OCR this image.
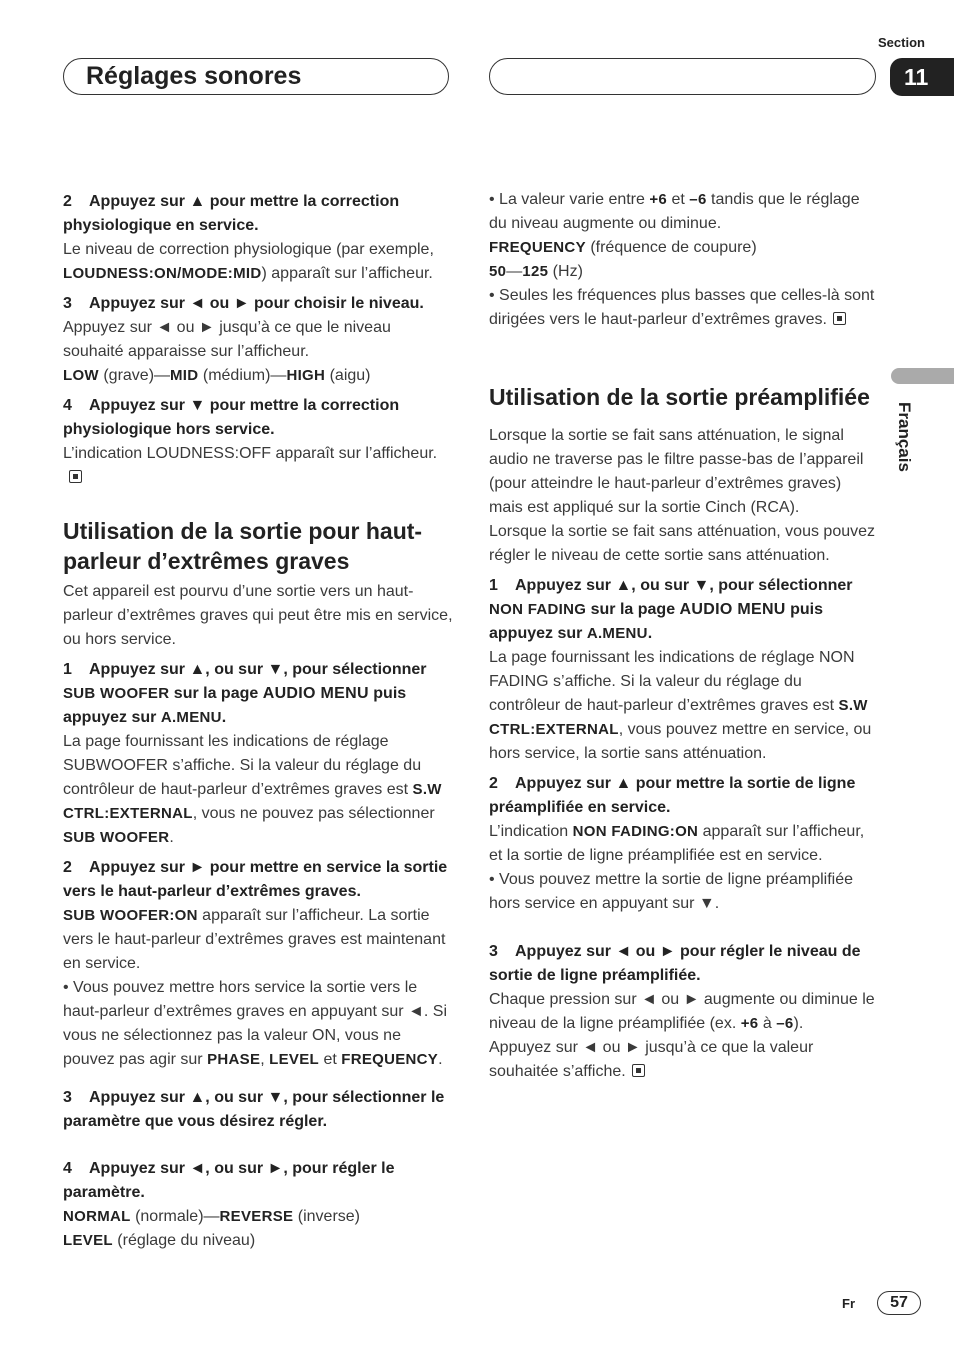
Réglages sonores
Section
11
Français

2 Appuyez sur ▲ pour mettre la correction physiologique en service.

Le niveau de correction physiologique (par exemple, LOUDNESS:ON/MODE:MID) apparaît sur l’afficheur.

3 Appuyez sur ◄ ou ► pour choisir le niveau.

Appuyez sur ◄ ou ► jusqu’à ce que le niveau souhaité apparaisse sur l’afficheur.

LOW (grave)—MID (médium)—HIGH (aigu)

4 Appuyez sur ▼ pour mettre la correction physiologique hors service.

L’indication LOUDNESS:OFF apparaît sur l’afficheur.

Utilisation de la sortie pour haut-parleur d’extrêmes graves

Cet appareil est pourvu d’une sortie vers un haut-parleur d’extrêmes graves qui peut être mis en service, ou hors service.

1 Appuyez sur ▲, ou sur ▼, pour sélectionner SUB WOOFER sur la page AUDIO MENU puis appuyez sur A.MENU.

La page fournissant les indications de réglage SUBWOOFER s’affiche. Si la valeur du réglage du contrôleur de haut-parleur d’extrêmes graves est S.W CTRL:EXTERNAL, vous ne pouvez pas sélectionner SUB WOOFER.

2 Appuyez sur ► pour mettre en service la sortie vers le haut-parleur d’extrêmes graves.

SUB WOOFER:ON apparaît sur l’afficheur. La sortie vers le haut-parleur d’extrêmes graves est maintenant en service.

• Vous pouvez mettre hors service la sortie vers le haut-parleur d’extrêmes graves en appuyant sur ◄. Si vous ne sélectionnez pas la valeur ON, vous ne pouvez pas agir sur PHASE, LEVEL et FREQUENCY.

3 Appuyez sur ▲, ou sur ▼, pour sélectionner le paramètre que vous désirez régler.

4 Appuyez sur ◄, ou sur ►, pour régler le paramètre.

NORMAL (normale)—REVERSE (inverse)

LEVEL (réglage du niveau)

• La valeur varie entre +6 et –6 tandis que le réglage du niveau augmente ou diminue.

FREQUENCY (fréquence de coupure)

50—125 (Hz)

• Seules les fréquences plus basses que celles-là sont dirigées vers le haut-parleur d’extrêmes graves.

Utilisation de la sortie préamplifiée

Lorsque la sortie se fait sans atténuation, le signal audio ne traverse pas le filtre passe-bas de l’appareil (pour atteindre le haut-parleur d’extrêmes graves) mais est appliqué sur la sortie Cinch (RCA).

Lorsque la sortie se fait sans atténuation, vous pouvez régler le niveau de cette sortie sans atténuation.

1 Appuyez sur ▲, ou sur ▼, pour sélectionner NON FADING sur la page AUDIO MENU puis appuyez sur A.MENU.

La page fournissant les indications de réglage NON FADING s’affiche. Si la valeur du réglage du contrôleur de haut-parleur d’extrêmes graves est S.W CTRL:EXTERNAL, vous pouvez mettre en service, ou hors service, la sortie sans atténuation.

2 Appuyez sur ▲ pour mettre la sortie de ligne préamplifiée en service.

L’indication NON FADING:ON apparaît sur l’afficheur, et la sortie de ligne préamplifiée est en service.

• Vous pouvez mettre la sortie de ligne préamplifiée hors service en appuyant sur ▼.

3 Appuyez sur ◄ ou ► pour régler le niveau de sortie de ligne préamplifiée.

Chaque pression sur ◄ ou ► augmente ou diminue le niveau de la ligne préamplifiée (ex. +6 à –6).

Appuyez sur ◄ ou ► jusqu’à ce que la valeur souhaitée s’affiche.

Fr	57
